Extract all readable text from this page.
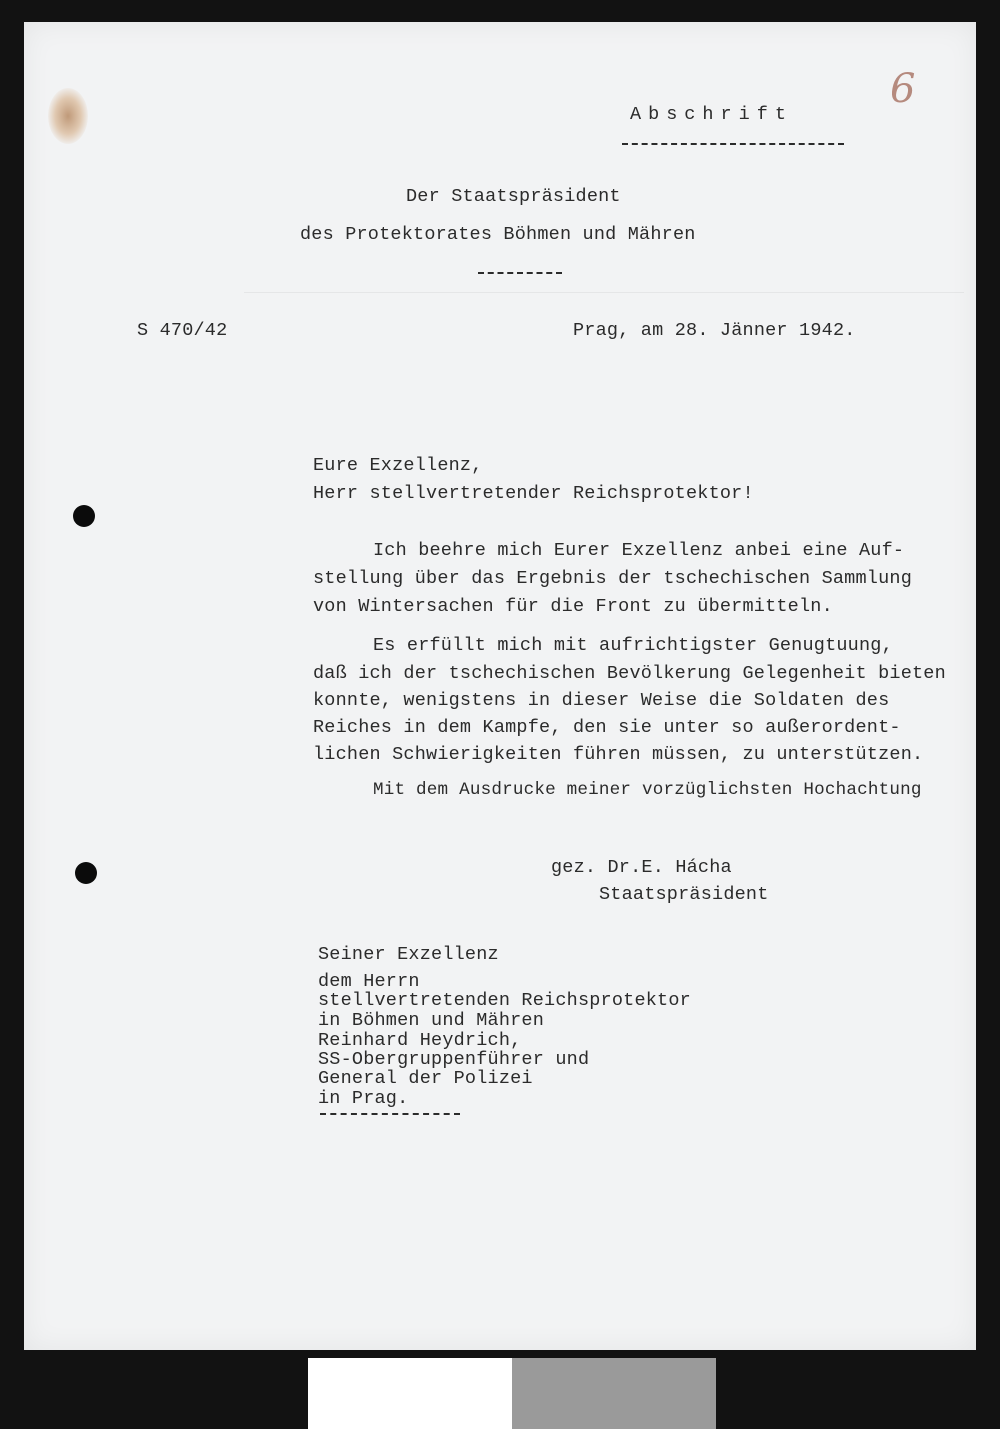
Abschrift

6

Der Staatspräsident

des Protektorates Böhmen und Mähren

S 470/42	Prag, am 28. Jänner 1942.

Eure Exzellenz,

Herr stellvertretender Reichsprotektor!

Ich beehre mich Eurer Exzellenz anbei eine Auf-

stellung über das Ergebnis der tschechischen Sammlung

von Wintersachen für die Front zu übermitteln.

Es erfüllt mich mit aufrichtigster Genugtuung,

daß ich der tschechischen Bevölkerung Gelegenheit bieten

konnte, wenigstens in dieser Weise die Soldaten des

Reiches in dem Kampfe, den sie unter so außerordent-

lichen Schwierigkeiten führen müssen, zu unterstützen.

Mit dem Ausdrucke meiner vorzüglichsten Hochachtung

gez. Dr.E. Hácha

Staatspräsident

Seiner Exzellenz

dem Herrn

stellvertretenden Reichsprotektor

in Böhmen und Mähren

Reinhard Heydrich,

SS-Obergruppenführer und

General der Polizei

in Prag.
